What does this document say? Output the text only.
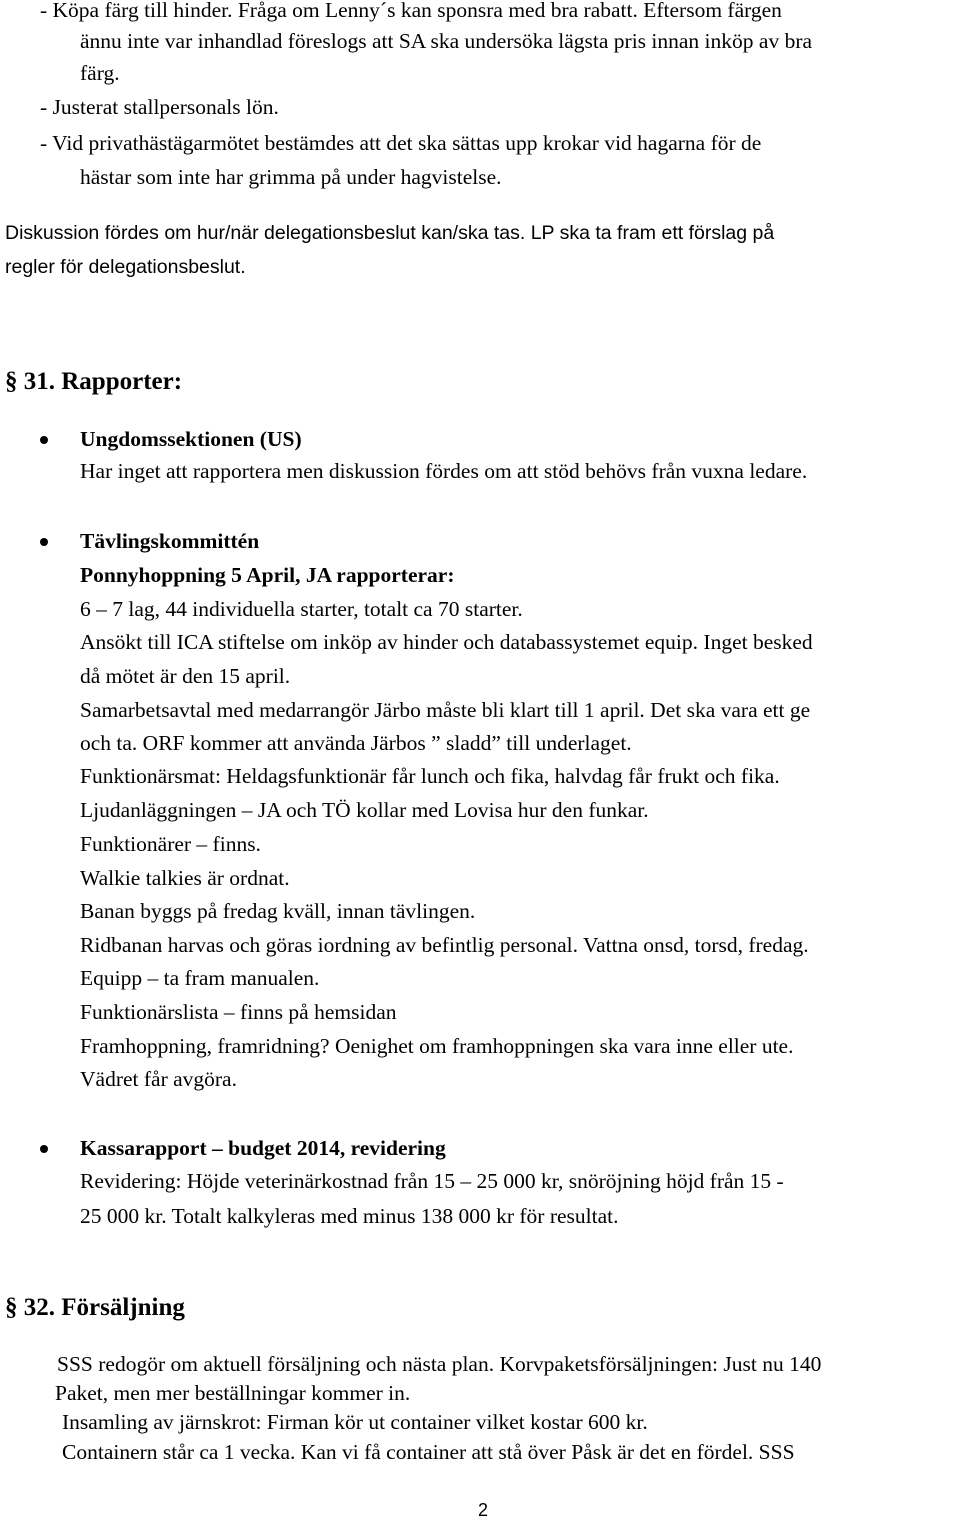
- Köpa färg till hinder. Fråga om Lenny´s kan sponsra med bra rabatt. Eftersom färgen
ännu inte var inhandlad föreslogs att SA ska undersöka lägsta pris innan inköp av bra
färg.
- Justerat stallpersonals lön.
- Vid privathästägarmötet bestämdes att det ska sättas upp krokar vid hagarna för de
hästar som inte har grimma på under hagvistelse.
Diskussion fördes om hur/när delegationsbeslut kan/ska tas. LP ska ta fram ett förslag på
regler för delegationsbeslut.
§ 31. Rapporter:
Ungdomssektionen (US)
Har inget att rapportera men diskussion fördes om att stöd behövs från vuxna ledare.
Tävlingskommittén
Ponnyhoppning 5 April, JA rapporterar:
6 – 7 lag, 44 individuella starter, totalt ca 70 starter.
Ansökt till ICA stiftelse om inköp av hinder och databassystemet equip. Inget besked
då mötet är den 15 april.
Samarbetsavtal med medarrangör Järbo måste bli klart till 1 april. Det ska vara ett ge
och ta. ORF kommer att använda Järbos ” sladd” till underlaget.
Funktionärsmat: Heldagsfunktionär får lunch och fika, halvdag får frukt och fika.
Ljudanläggningen – JA och TÖ kollar med Lovisa hur den funkar.
Funktionärer – finns.
Walkie talkies är ordnat.
Banan byggs på fredag kväll, innan tävlingen.
Ridbanan harvas och göras iordning av befintlig personal. Vattna onsd, torsd, fredag.
Equipp – ta fram manualen.
Funktionärslista – finns på hemsidan
Framhoppning, framridning? Oenighet om framhoppningen ska vara inne eller ute.
Vädret får avgöra.
Kassarapport – budget 2014, revidering
Revidering: Höjde veterinärkostnad från 15 – 25 000 kr, snöröjning höjd från 15 -
25 000 kr. Totalt kalkyleras med minus 138 000 kr för resultat.
§ 32. Försäljning
SSS redogör om aktuell försäljning och nästa plan. Korvpaketsförsäljningen: Just nu 140
Paket, men mer beställningar kommer in.
Insamling av järnskrot: Firman kör ut container vilket kostar 600 kr.
Containern står ca 1 vecka. Kan vi få container att stå över Påsk är det en fördel. SSS
2
